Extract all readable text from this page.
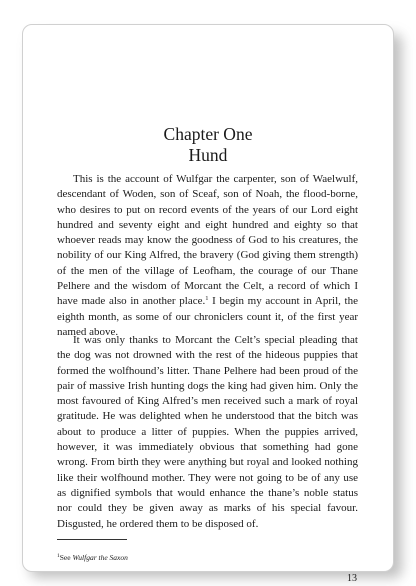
Chapter One
Hund

This is the account of Wulfgar the carpenter, son of Waelwulf, descendant of Woden, son of Sceaf, son of Noah, the flood-borne, who desires to put on record events of the years of our Lord eight hundred and seventy eight and eight hundred and eighty so that whoever reads may know the goodness of God to his creatures, the nobility of our King Alfred, the bravery (God giving them strength) of the men of the village of Leofham, the courage of our Thane Pelhere and the wisdom of Morcant the Celt, a record of which I have made also in another place.$^1$ I begin my account in April, the eighth month, as some of our chroniclers count it, of the first year named above.

It was only thanks to Morcant the Celt’s special pleading that the dog was not drowned with the rest of the hideous puppies that formed the wolfhound’s litter. Thane Pelhere had been proud of the pair of massive Irish hunting dogs the king had given him. Only the most favoured of King Alfred’s men received such a mark of royal gratitude. He was delighted when he understood that the bitch was about to produce a litter of puppies. When the puppies arrived, however, it was immediately obvious that something had gone wrong. From birth they were anything but royal and looked nothing like their wolfhound mother. They were not going to be of any use as dignified symbols that would enhance the thane’s noble status nor could they be given away as marks of his special favour. Disgusted, he ordered them to be disposed of.

$^1$See Wulfgar the Saxon
13
